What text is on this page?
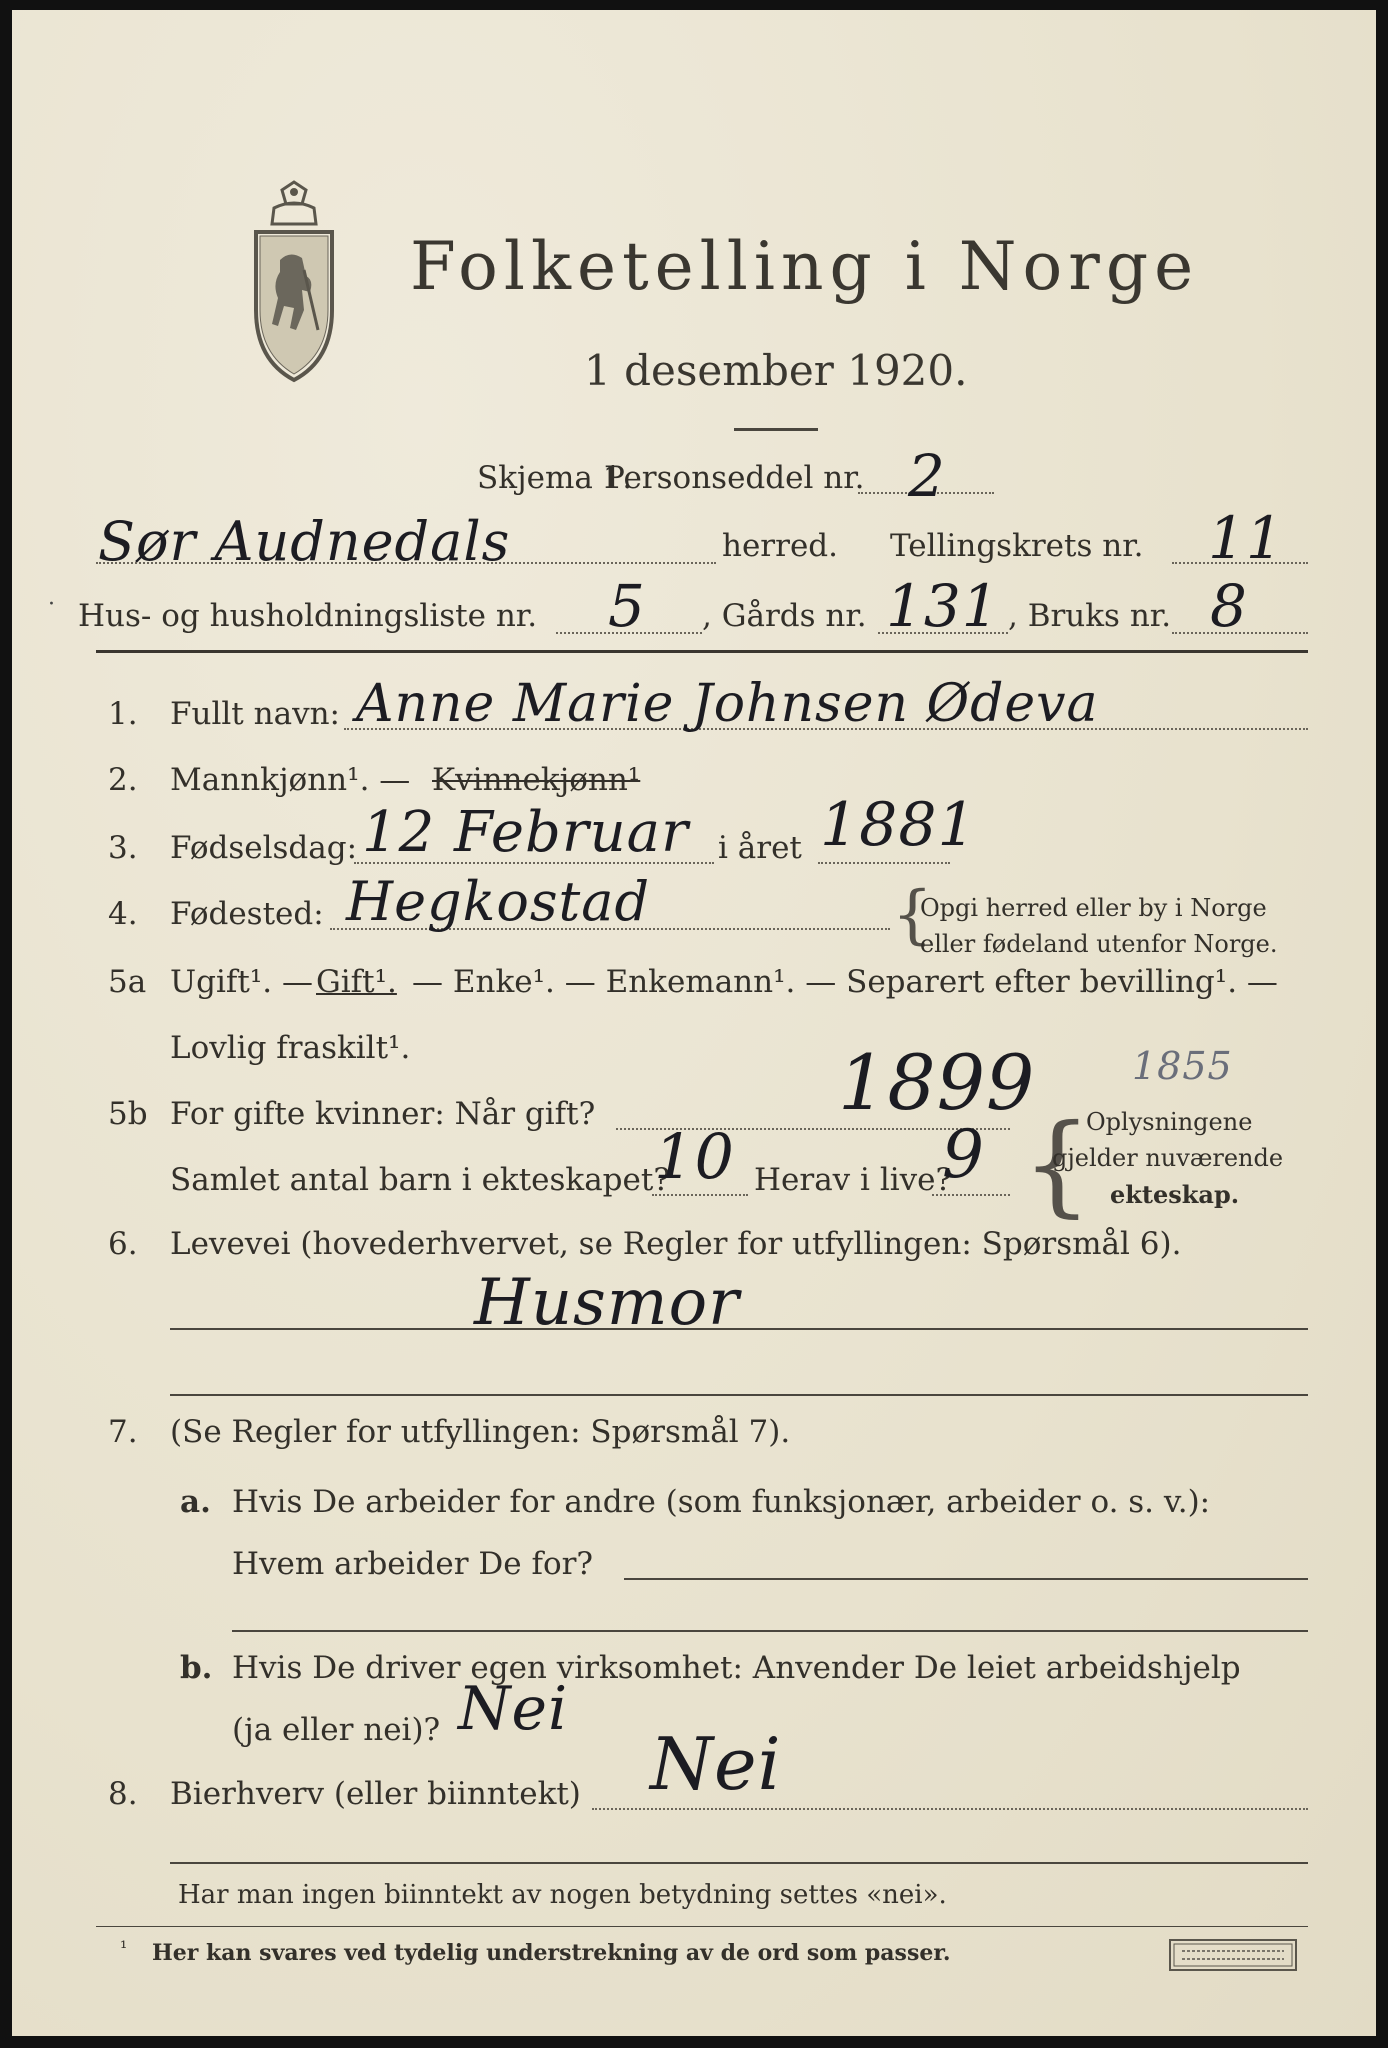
Folketelling i Norge
1 desember 1920.
Skjema 1.
Personseddel nr. 2
Sør Audnedals	herred. Tellingskrets nr. 11
· Hus- og husholdningsliste nr. 5 , Gårds nr. 131 , Bruks nr. 8
1. Fullt navn: Anne Marie Johnsen Ødeva
2. Mannkjønn¹. — Kvinnekjønn¹
3. Fødselsdag: 12 Februar i året 1881
4. Fødested: Hegkostad	{
Opgi herred eller by i Norge
eller fødeland utenfor Norge.
5a Ugift¹. — Gift¹. — Enke¹. — Enkemann¹. — Separert efter bevilling¹. —
Lovlig fraskilt¹.
5b For gifte kvinner: Når gift?	1899	1855
Samlet antal barn i ekteskapet?
10 Herav i live?
9 {
Oplysningene
gjelder nuværende
ekteskap.
6. Levevei (hovederhvervet, se Regler for utfyllingen: Spørsmål 6).
Husmor
7. (Se Regler for utfyllingen: Spørsmål 7).
a. Hvis De arbeider for andre (som funksjonær, arbeider o. s. v.):
Hvem arbeider De for?
b. Hvis De driver egen virksomhet: Anvender De leiet arbeidshjelp
(ja eller nei)? Nei
8. Bierhverv (eller biinntekt) Nei
Har man ingen biinntekt av nogen betydning settes «nei».
¹ Her kan svares ved tydelig understrekning av de ord som passer.
